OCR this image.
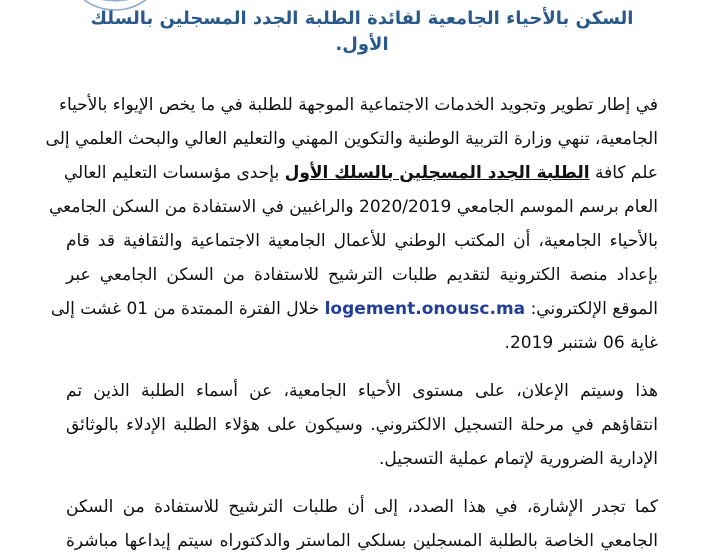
السكن بالأحياء الجامعية لفائدة الطلبة الجدد المسجلين بالسلك الأول.
في إطار تطوير وتجويد الخدمات الاجتماعية الموجهة للطلبة في ما يخص الإيواء بالأحياء
الجامعية، تنهي وزارة التربية الوطنية والتكوين المهني والتعليم العالي والبحث العلمي إلى
علم كافة الطلبة الجدد المسجلين بالسلك الأول بإحدى مؤسسات التعليم العالي
العام برسم الموسم الجامعي 2020/2019 والراغبين في الاستفادة من السكن الجامعي
بالأحياء الجامعية، أن المكتب الوطني للأعمال الجامعية الاجتماعية والثقافية قد قام
بإعداد منصة الكترونية لتقديم طلبات الترشيح للاستفادة من السكن الجامعي عبر
الموقع الإلكتروني: logement.onousc.ma خلال الفترة الممتدة من 01 غشت إلى
غاية 06 شتنبر 2019.
هذا وسيتم الإعلان، على مستوى الأحياء الجامعية، عن أسماء الطلبة الذين تم
انتقاؤهم في مرحلة التسجيل الالكتروني. وسيكون على هؤلاء الطلبة الإدلاء بالوثائق
الإدارية الضرورية لإتمام عملية التسجيل.
كما تجدر الإشارة، في هذا الصدد، إلى أن طلبات الترشيح للاستفادة من السكن
الجامعي الخاصة بالطلبة المسجلين بسلكي الماستر والدكتوراه سيتم إيداعها مباشرة
